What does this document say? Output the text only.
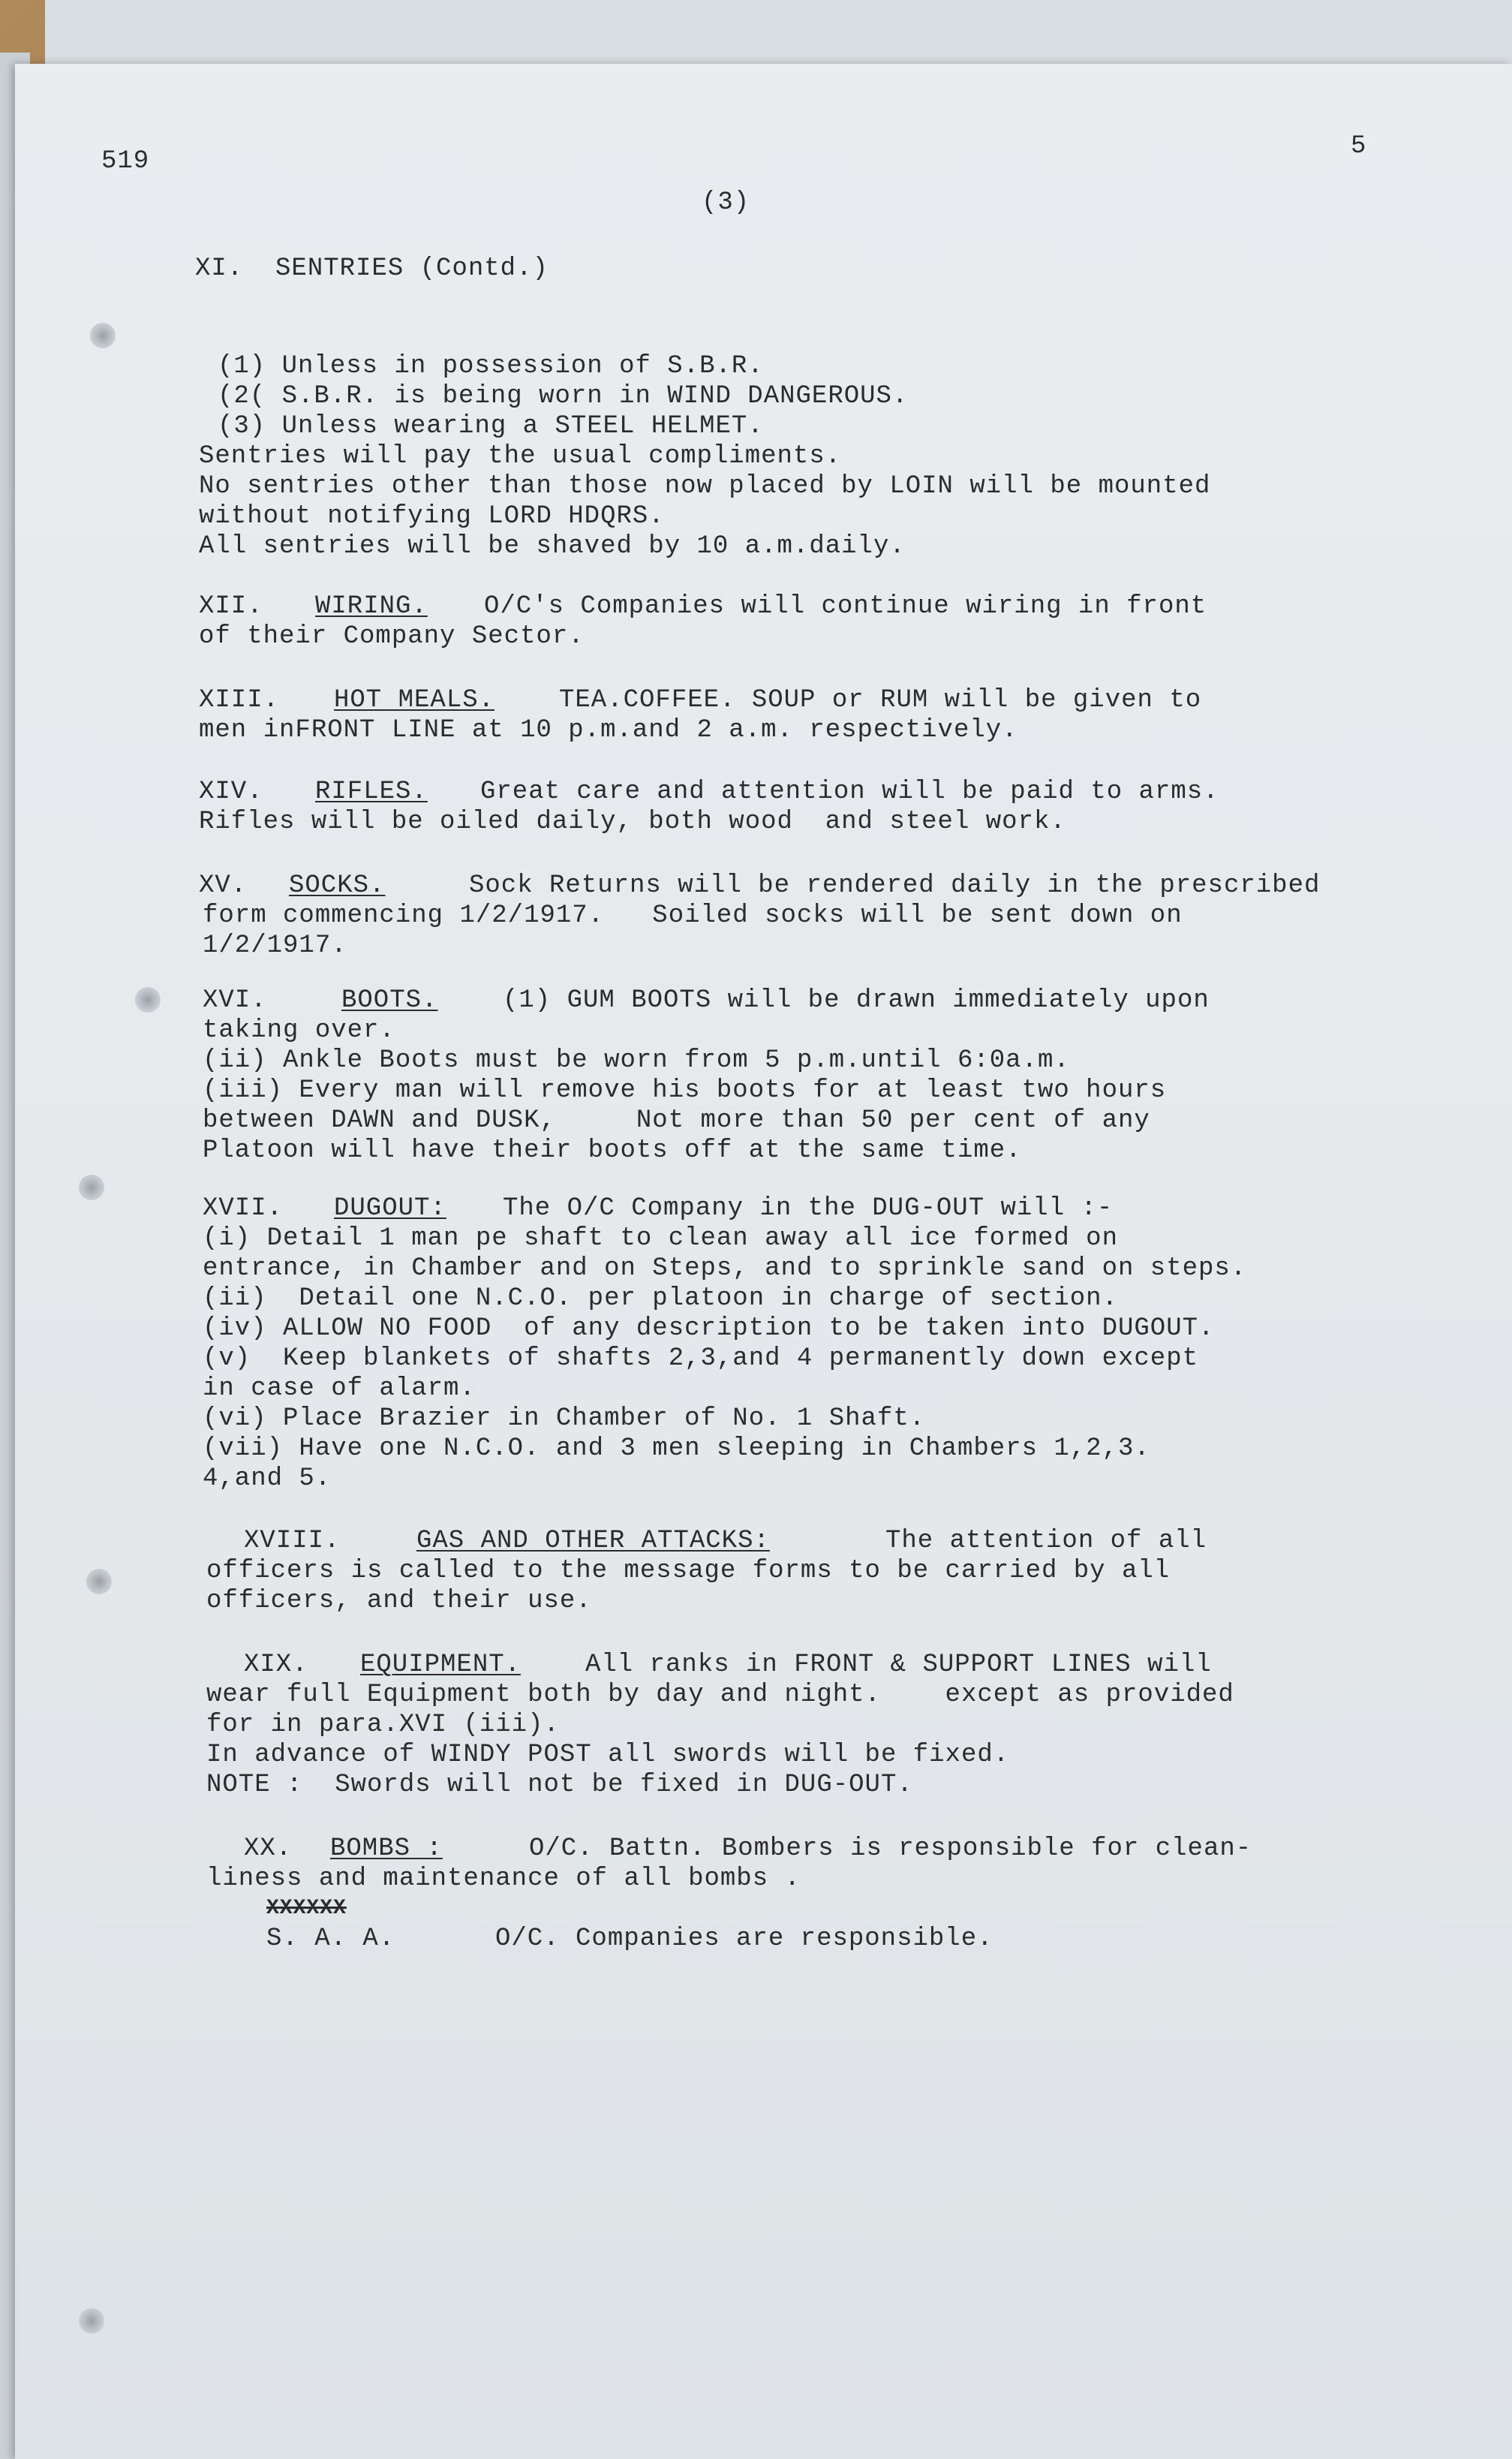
519

5

(3)

XI.  SENTRIES (Contd.)

(1) Unless in possession of S.B.R.

(2( S.B.R. is being worn in WIND DANGEROUS.

(3) Unless wearing a STEEL HELMET.

Sentries will pay the usual compliments.

No sentries other than those now placed by LOIN will be mounted

without notifying LORD HDQRS.

All sentries will be shaved by 10 a.m.daily.

XII. WIRING. O/C's Companies will continue wiring in front

of their Company Sector.

XIII. HOT MEALS.	TEA.COFFEE. SOUP or RUM will be given to

men inFRONT LINE at 10 p.m.and 2 a.m. respectively.

XIV. RIFLES. Great care and attention will be paid to arms.

Rifles will be oiled daily, both wood  and steel work.

XV. SOCKS.	Sock Returns will be rendered daily in the prescribed

form commencing 1/2/1917.   Soiled socks will be sent down on

1/2/1917.

XVI.	BOOTS.	(1) GUM BOOTS will be drawn immediately upon

taking over.

(ii) Ankle Boots must be worn from 5 p.m.until 6:0a.m.

(iii) Every man will remove his boots for at least two hours

between DAWN and DUSK,     Not more than 50 per cent of any

Platoon will have their boots off at the same time.

XVII. DUGOUT: The O/C Company in the DUG-OUT will :-

(i) Detail 1 man pe shaft to clean away all ice formed on

entrance, in Chamber and on Steps, and to sprinkle sand on steps.

(ii)  Detail one N.C.O. per platoon in charge of section.

(iv) ALLOW NO FOOD  of any description to be taken into DUGOUT.

(v)  Keep blankets of shafts 2,3,and 4 permanently down except

in case of alarm.

(vi) Place Brazier in Chamber of No. 1 Shaft.

(vii) Have one N.C.O. and 3 men sleeping in Chambers 1,2,3.

4,and 5.

XVIII.	GAS AND OTHER ATTACKS:	The attention of all

officers is called to the message forms to be carried by all

officers, and their use.

XIX. EQUIPMENT.	All ranks in FRONT & SUPPORT LINES will

wear full Equipment both by day and night.    except as provided

for in para.XVI (iii).

In advance of WINDY POST all swords will be fixed.

NOTE :  Swords will not be fixed in DUG-OUT.

XX. BOMBS :	O/C. Battn. Bombers is responsible for clean-

liness and maintenance of all bombs .

XXXXXX

S. A. A.	O/C. Companies are responsible.
